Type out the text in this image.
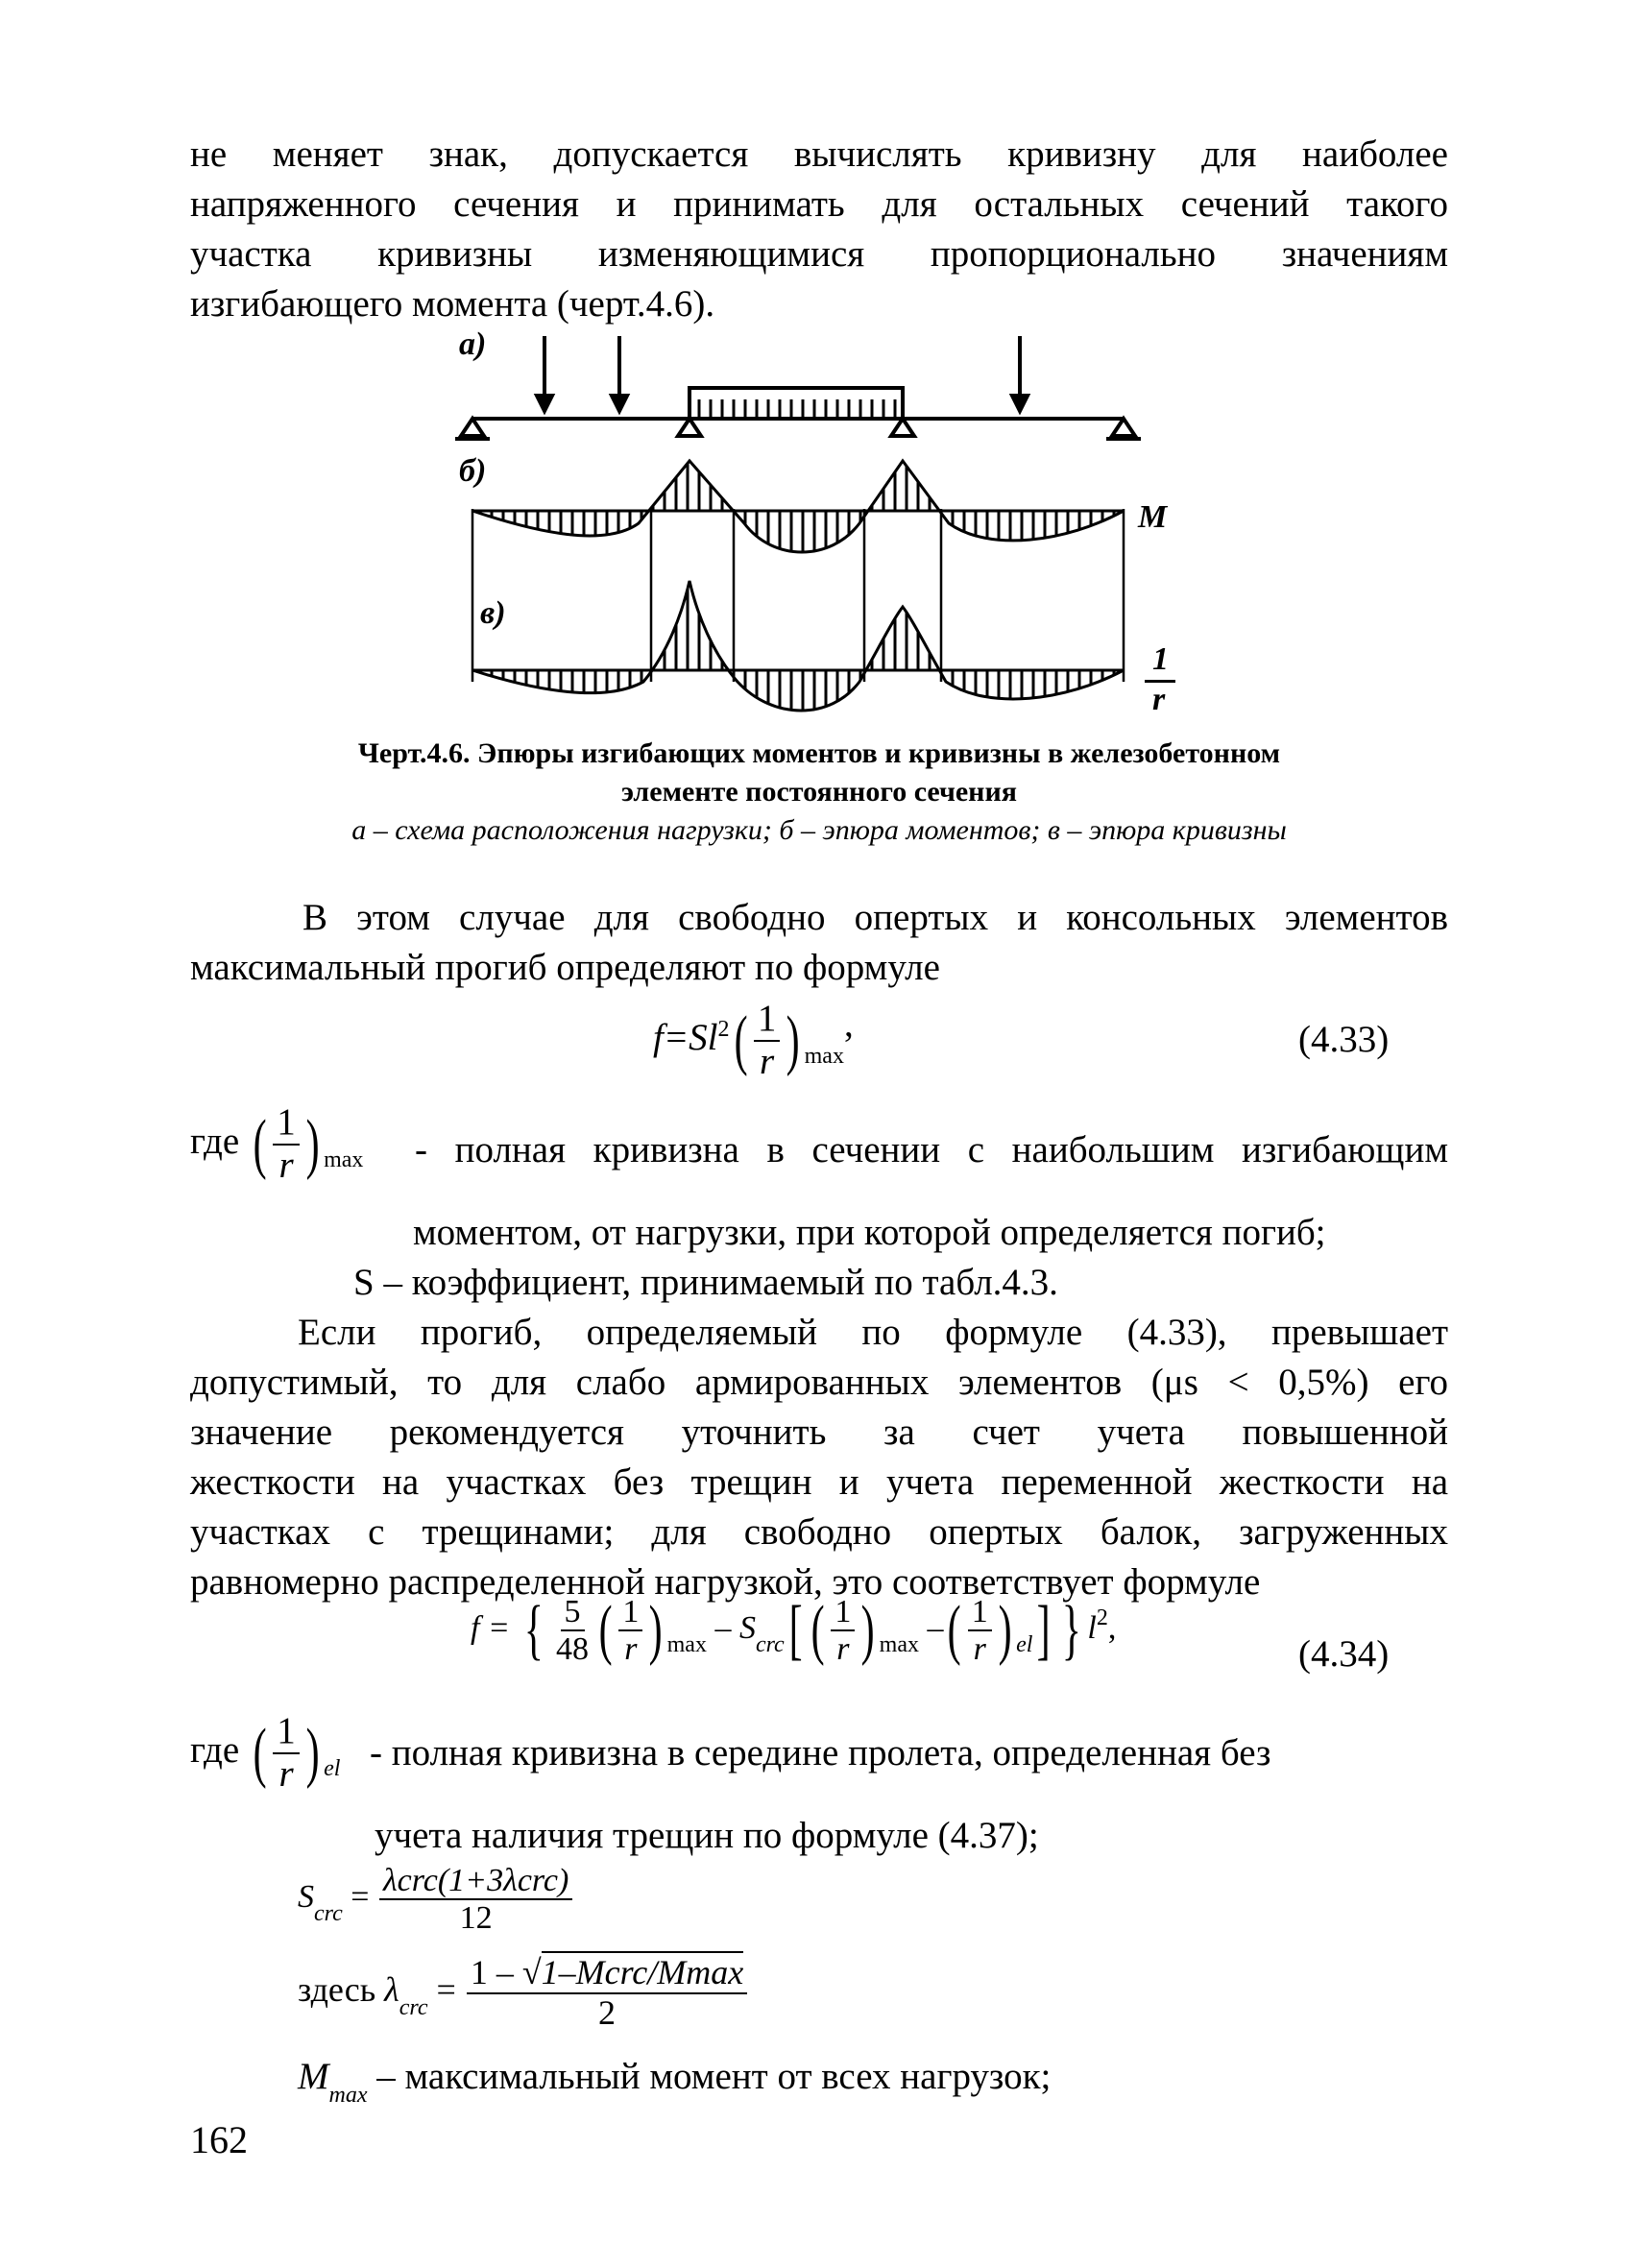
не меняет знак, допускается вычислять кривизну для наиболее
напряженного сечения и принимать для остальных сечений такого
участка кривизны изменяющимися пропорционально значениям
изгибающего момента (черт.4.6).
а)
б)
в)
М
1
r
Черт.4.6. Эпюры изгибающих моментов и кривизны в железобетонном
элементе постоянного сечения
а – схема расположения нагрузки; б – эпюра моментов; в – эпюра кривизны
В этом случае для свободно опертых и консольных элементов
максимальный прогиб определяют по формуле
$f=Sl^2( \frac{1}{r}$ ) $_{max}$,	(4.33)
где ( $\frac{1}{r}$ ) $_{max}$ - полная кривизна в сечении с наибольшим изгибающим
моментом, от нагрузки, при которой определяется погиб;
S – коэффициент, принимаемый по табл.4.3.
Если прогиб, определяемый по формуле (4.33), превышает
допустимый, то для слабо армированных элементов (μs < 0,5%) его
значение рекомендуется уточнить за счет учета повышенной
жесткости на участках без трещин и учета переменной жесткости на
участках с трещинами; для свободно опертых балок, загруженных
равномерно распределенной нагрузкой, это соответствует формуле
f = { $\frac{5}{48}$ ( $\frac{1}{r}$ ) $_{max} - S_{crc}$[ ( $\frac{1}{r}$ ) $_{max}$ –( $\frac{1}{r}$ ) $_{el}$] } $l^2$,
(4.34)
где ( $\frac{1}{r}$ ) $_{el}$ - полная кривизна в середине пролета, определенная без
учета наличия трещин по формуле (4.37);
$S_{crc} = \frac{\text{λcrc(1+3λcrc)}}{12}$
здесь $\lambda_{crc} = \frac{\text{1 – √1–Mcrc/Mmax}}{2}$
$M_{max}$ – максимальный момент от всех нагрузок;
162
